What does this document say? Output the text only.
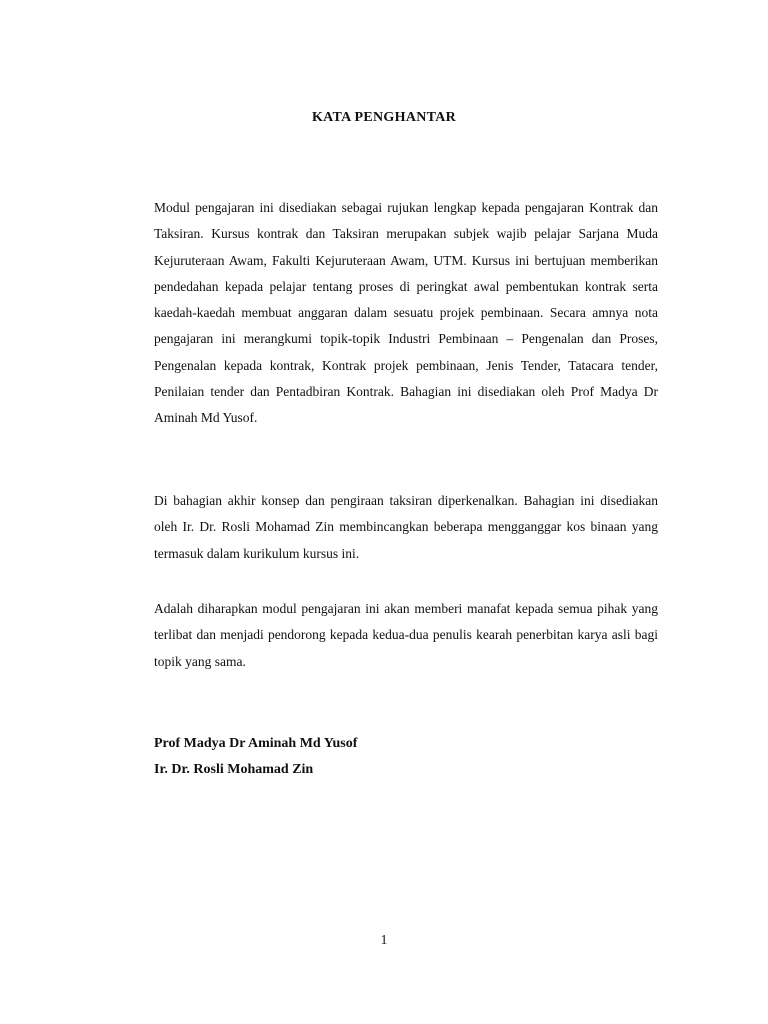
KATA PENGHANTAR

Modul pengajaran ini disediakan sebagai rujukan lengkap kepada pengajaran Kontrak dan Taksiran. Kursus kontrak dan Taksiran merupakan subjek wajib pelajar Sarjana Muda Kejuruteraan Awam, Fakulti Kejuruteraan Awam, UTM. Kursus ini bertujuan memberikan pendedahan kepada pelajar tentang proses di peringkat awal pembentukan kontrak serta kaedah-kaedah membuat anggaran dalam sesuatu projek pembinaan. Secara amnya nota pengajaran ini merangkumi topik-topik Industri Pembinaan – Pengenalan dan Proses, Pengenalan kepada kontrak, Kontrak projek pembinaan, Jenis Tender, Tatacara tender, Penilaian tender dan Pentadbiran Kontrak. Bahagian ini disediakan oleh Prof Madya Dr Aminah Md Yusof.

Di bahagian akhir konsep dan pengiraan taksiran diperkenalkan. Bahagian ini disediakan oleh Ir. Dr. Rosli Mohamad Zin membincangkan beberapa mengganggar kos binaan yang termasuk dalam kurikulum kursus ini.

Adalah diharapkan modul pengajaran ini akan memberi manafat kepada semua pihak yang terlibat dan menjadi pendorong kepada kedua-dua penulis kearah penerbitan karya asli bagi topik yang sama.

Prof Madya Dr Aminah Md Yusof
Ir. Dr. Rosli Mohamad Zin
1
